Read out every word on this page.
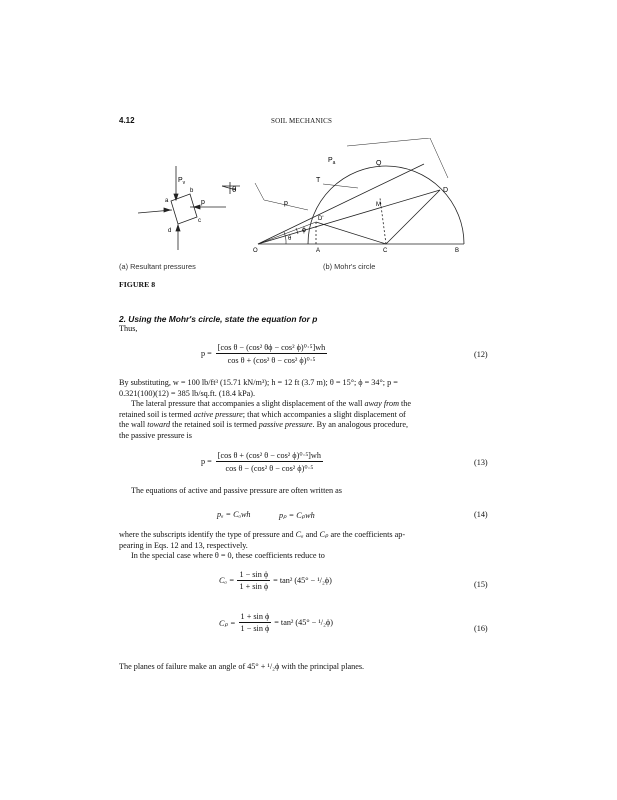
4.12	SOIL MECHANICS
$P_v$
θ
p
a
b
c
d
$P_a$	Q
T
D
M
D'
p
ϕ
θ
O	A	C	B
(a) Resultant pressures	(b) Mohr's circle
FIGURE 8
2. Using the Mohr's circle, state the equation for p
Thus,
$p = \frac{\text{[cos θ − (cos² θϕ − cos² ϕ)⁰·⁵]wh}}{\text{cos θ + (cos² θ − cos² ϕ)⁰·⁵}}$	(12)
By substituting, w = 100 lb/ft³ (15.71 kN/m³); h = 12 ft (3.7 m); θ = 15°; ϕ = 34°; p =
0.321(100)(12) = 385 lb/sq.ft. (18.4 kPa).
The lateral pressure that accompanies a slight displacement of the wall away from the
retained soil is termed active pressure; that which accompanies a slight displacement of
the wall toward the retained soil is termed passive pressure. By an analogous procedure,
the passive pressure is
$p = \frac{\text{[cos θ + (cos² θ − cos² ϕ)⁰·⁵]wh}}{\text{cos θ − (cos² θ − cos² ϕ)⁰·⁵}}$	(13)
The equations of active and passive pressure are often written as
pₐ = Cₐwh	pₚ = Cₚwh	(14)
where the subscripts identify the type of pressure and Cₐ and Cₚ are the coefficients ap-
pearing in Eqs. 12 and 13, respectively.
In the special case where θ = 0, these coefficients reduce to
$C_a = \frac{\text{1 − sin ϕ}}{\text{1 + sin ϕ}} = \tan^2$ (45° − ¹/₂ϕ)	(15)
$C_p = \frac{\text{1 + sin ϕ}}{\text{1 − sin ϕ}} = \tan^2$ (45° − ¹/₂ϕ)
(16)
The planes of failure make an angle of 45° + ¹/₂ϕ with the principal planes.
